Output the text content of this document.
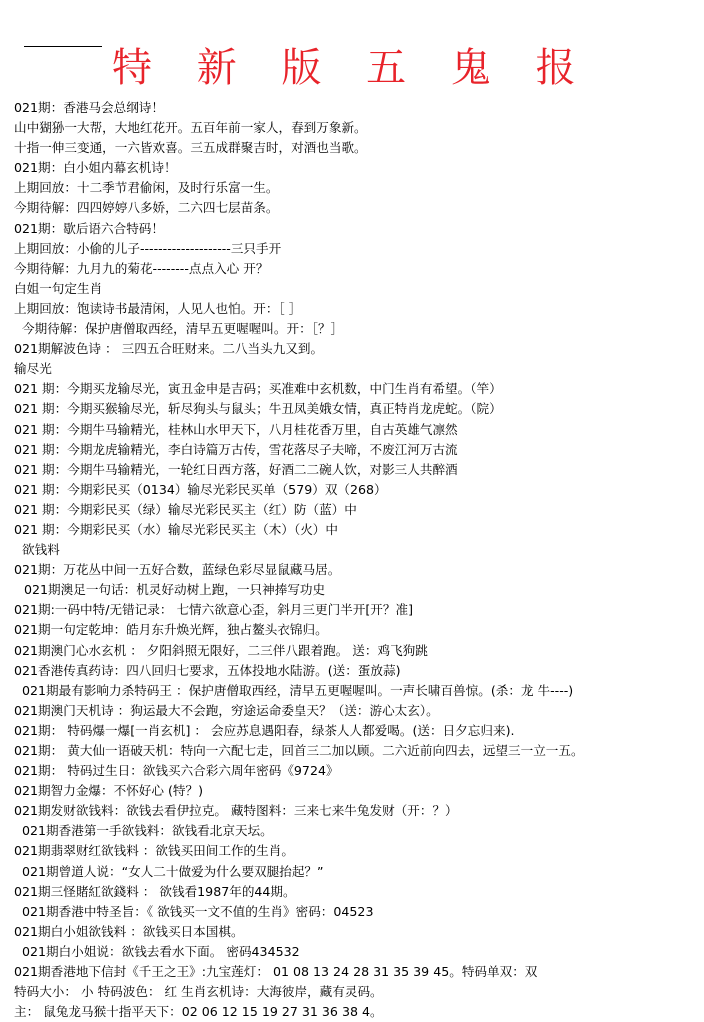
特 新 版 五 鬼 报
021期：香港马会总纲诗！
山中猢狲一大帮，大地红花开。五百年前一家人，春到万象新。
十指一伸三变通，一六皆欢喜。三五成群聚吉时，对酒也当歌。
021期：白小姐内幕玄机诗！
上期回放：十二季节君偷闲，及时行乐富一生。
今期待解：四四婷婷八多娇，二六四七层苗条。
021期：歇后语六合特码！
上期回放：小偷的儿子--------------------三只手开
今期待解：九月九的菊花--------点点入心 开？
白姐一句定生肖
上期回放：饱读诗书最清闲，人见人也怕。开：［ ］
今期待解：保护唐僧取西经，清早五更喔喔叫。开：［？］
021期解波色诗 ： 三四五合旺财来。二八当头九又到。
输尽光
021 期：今期买龙输尽光，寅丑金申是吉码；买准难中玄机数，中门生肖有希望。（竿）
021 期：今期买猴输尽光，斩尽狗头与鼠头；牛丑凤美娥女情，真正特肖龙虎蛇。（院）
021 期：今期牛马输精光，桂林山水甲天下，八月桂花香万里，自古英雄气凛然
021 期：今期龙虎输精光，李白诗篇万古传，雪花落尽子夫啼，不废江河万古流
021 期：今期牛马输精光，一轮红日西方落，好酒二二碗人饮，对影三人共醉酒
021 期：今期彩民买（0134）输尽光彩民买单（579）双（268）
021 期：今期彩民买（绿）输尽光彩民买主（红）防（蓝）中
021 期：今期彩民买（水）输尽光彩民买主（木）（火）中
欲钱料
021期：万花丛中间一五好合数，蓝绿色彩尽显鼠藏马居。
021期澳足一句话：机灵好动树上跑，一只神捧写功史
021期:一码中特/无错记录： 七情六欲意心歪，斜月三更门半开[开？准]
021期一句定乾坤：皓月东升焕光辉，独占鳌头衣锦归。
021期澳门心水玄机 ： 夕阳斜照无限好，二三伴八跟着跑。 送：鸡飞狗跳
021香港传真药诗：四八回归七要求，五体投地水陆游。(送：蛋放蒜)
021期最有影响力杀特码王 ：保护唐僧取西经，清早五更喔喔叫。一声长啸百兽惊。(杀：龙 牛----)
021期澳门天机诗 ：狗运最大不会跑，穷途运命委皇天？（送：游心太玄）。
021期： 特码爆一爆[一肖玄机] ： 会应苏息遇阳春，绿茶人人都爱喝。(送：日夕忘归来).
021期： 黄大仙一语破天机：特向一六配七走，回首三二加以顾。二六近前向四去，远望三一立一五。
021期： 特码过生日：欲钱买六合彩六周年密码《9724》
021期智力金爆：不怀好心 (特？)
021期发财欲钱料：欲钱去看伊拉克。 藏特图料：三来七来牛兔发财（开：？）
021期香港第一手欲钱料：欲钱看北京天坛。
021期翡翠财红欲钱料 ：欲钱买田间工作的生肖。
021期曾道人说：“女人二十做爱为什么要双腿抬起？”
021期三怪賭紅欲錢料 ： 欲钱看1987年的44期。
021期香港中特圣旨：《 欲钱买一文不值的生肖》密码：04523
021期白小姐欲钱料 ：欲钱买日本国棋。
021期白小姐说：欲钱去看水下面。 密码434532
021期香港地下信封《千王之王》:九宝莲灯： 01 08 13 24 28 31 35 39 45。特码单双：双
特码大小： 小 特码波色： 红 生肖玄机诗：大海彼岸，藏有灵码。
主： 鼠兔龙马猴十指平天下：02 06 12 15 19 27 31 36 38 4。
